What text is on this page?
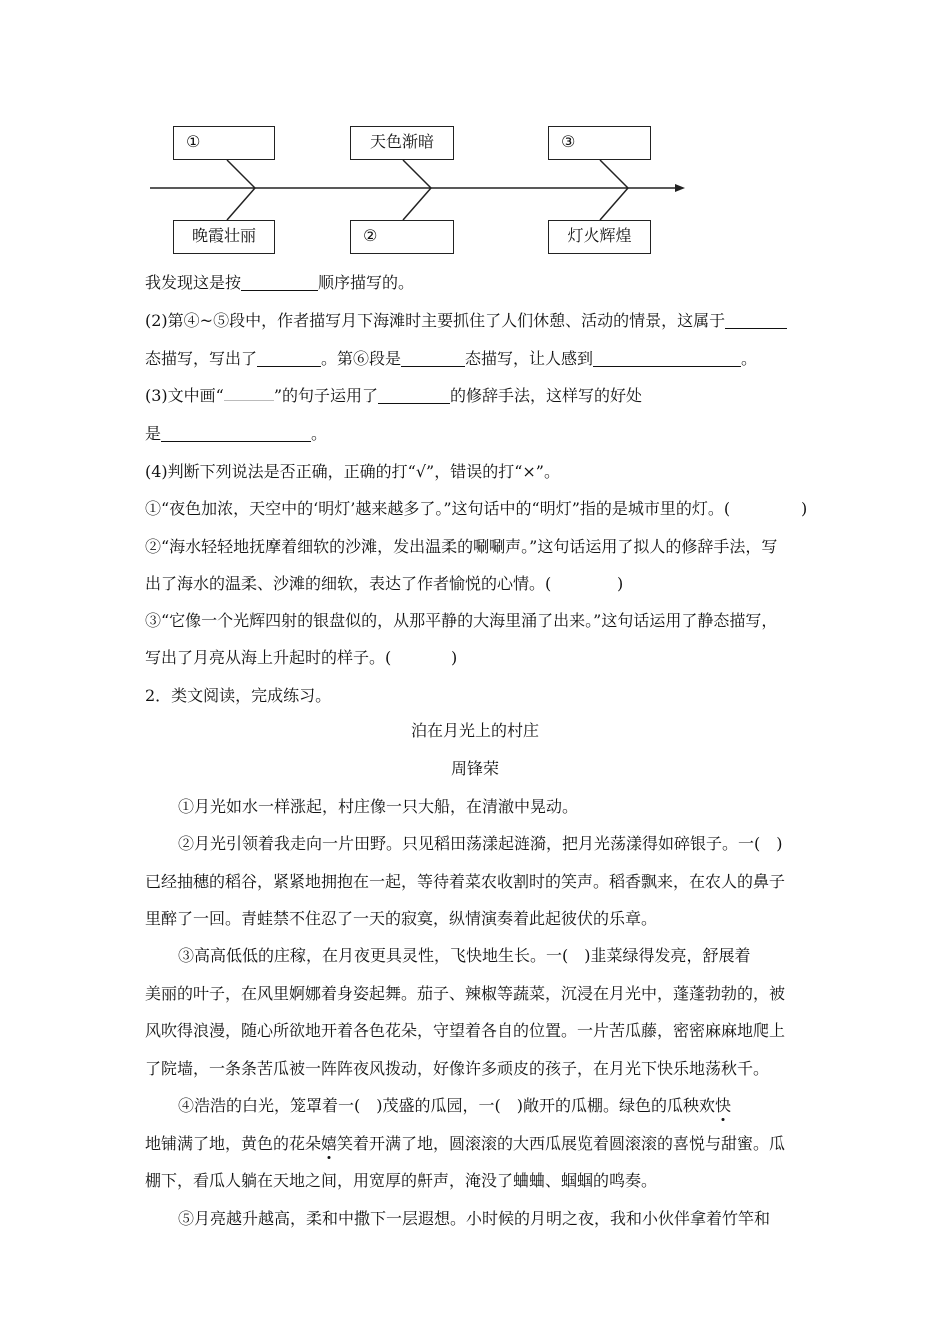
①	天色渐暗	③
晚霞壮丽	②	灯火辉煌
我发现这是按	顺序描写的。
(2)第④~⑤段中，作者描写月下海滩时主要抓住了人们休憩、活动的情景，这属于
态描写，写出了	。第⑥段是	态描写，让人感到	。
(3)文中画“	”的句子运用了	的修辞手法，这样写的好处
是	。
(4)判断下列说法是否正确，正确的打“√”，错误的打“×”。
①“夜色加浓，天空中的‘明灯’越来越多了。”这句话中的“明灯”指的是城市里的灯。(	)
②“海水轻轻地抚摩着细软的沙滩，发出温柔的唰唰声。”这句话运用了拟人的修辞手法，写
出了海水的温柔、沙滩的细软，表达了作者愉悦的心情。(	)
③“它像一个光辉四射的银盘似的，从那平静的大海里涌了出来。”这句话运用了静态描写，
写出了月亮从海上升起时的样子。(	)
2．类文阅读，完成练习。
泊在月光上的村庄
周锋荣
①月光如水一样涨起，村庄像一只大船，在清澈中晃动。
②月光引领着我走向一片田野。只见稻田荡漾起涟漪，把月光荡漾得如碎银子。一(　)
已经抽穗的稻谷，紧紧地拥抱在一起，等待着菜农收割时的笑声。稻香飘来，在农人的鼻子
里醉了一回。青蛙禁不住忍了一天的寂寞，纵情演奏着此起彼伏的乐章。
③高高低低的庄稼，在月夜更具灵性，飞快地生长。一(　)韭菜绿得发亮，舒展着
美丽的叶子，在风里婀娜着身姿起舞。茄子、辣椒等蔬菜，沉浸在月光中，蓬蓬勃勃的，被
风吹得浪漫，随心所欲地开着各色花朵，守望着各自的位置。一片苦瓜藤，密密麻麻地爬上
了院墙，一条条苦瓜被一阵阵夜风拨动，好像许多顽皮的孩子，在月光下快乐地荡秋千。
④浩浩的白光，笼罩着一(　)茂盛的瓜园，一(　)敞开的瓜棚。绿色的瓜秧欢快
地铺满了地，黄色的花朵嬉笑着开满了地，圆滚滚的大西瓜展览着圆滚滚的喜悦与甜蜜。瓜
棚下，看瓜人躺在天地之间，用宽厚的鼾声，淹没了蛐蛐、蝈蝈的鸣奏。
⑤月亮越升越高，柔和中撒下一层遐想。小时候的月明之夜，我和小伙伴拿着竹竿和
